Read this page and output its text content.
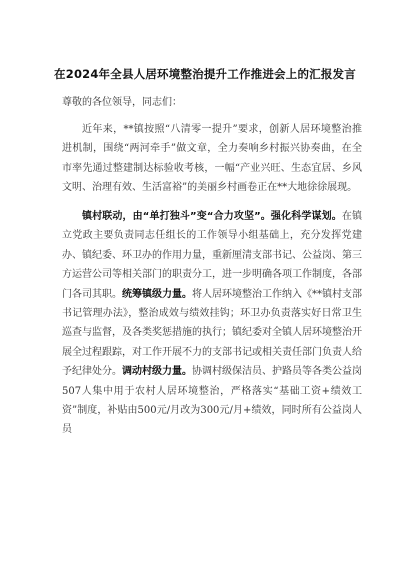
在2024年全县人居环境整治提升工作推进会上的汇报发言
尊敬的各位领导，同志们：
近年来，**镇按照“八清零一提升”要求，创新人居环境整治推进机制，围绕“两河牵手”做文章，全力奏响乡村振兴协奏曲，在全市率先通过整建制达标验收考核，一幅“产业兴旺、生态宜居、乡风文明、治理有效、生活富裕”的美丽乡村画卷正在**大地徐徐展现。
镇村联动，由“单打独斗”变“合力攻坚”。强化科学谋划。在镇立党政主要负责同志任组长的工作领导小组基础上，充分发挥党建办、镇纪委、环卫办的作用力量，重新厘清支部书记、公益岗、第三方运营公司等相关部门的职责分工，进一步明确各项工作制度，各部门各司其职。统筹镇级力量。将人居环境整治工作纳入《**镇村支部书记管理办法》，整治成效与绩效挂钩；环卫办负责落实好日常卫生巡查与监督，及各类奖惩措施的执行；镇纪委对全镇人居环境整治开展全过程跟踪，对工作开展不力的支部书记或相关责任部门负责人给予纪律处分。调动村级力量。协调村级保洁员、护路员等各类公益岗507人集中用于农村人居环境整治，严格落实“基础工资+绩效工资”制度，补贴由500元/月改为300元/月+绩效，同时所有公益岗人员
